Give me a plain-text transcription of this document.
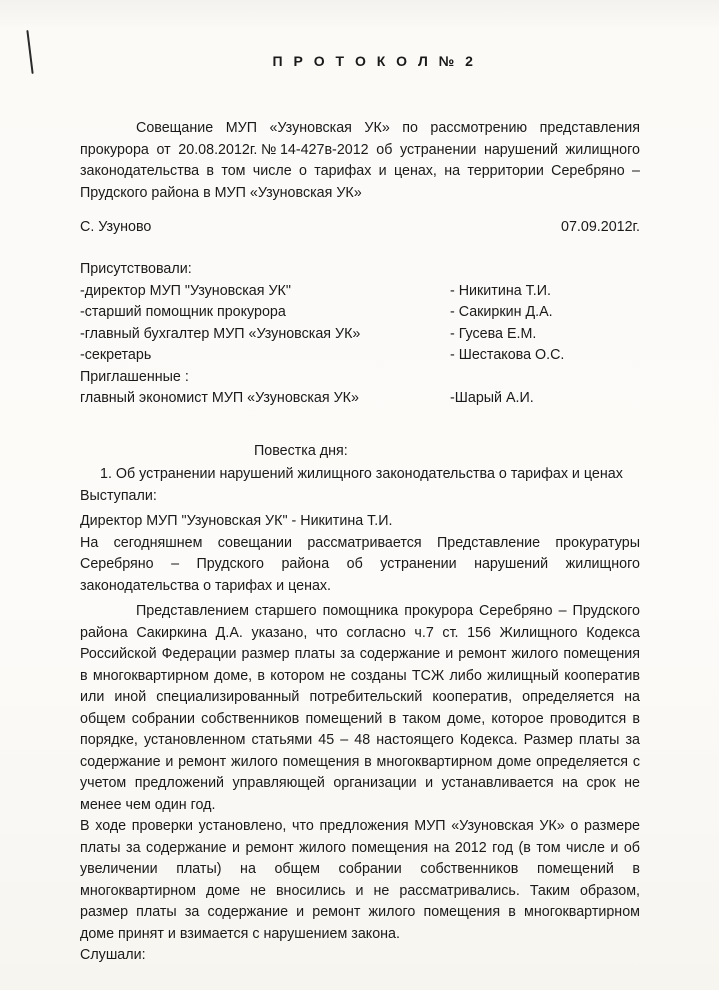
П Р О Т О К О Л № 2
Совещание МУП «Узуновская УК» по рассмотрению представления прокурора от 20.08.2012г.№14-427в-2012 об устранении нарушений жилищного законодательства в том числе о тарифах и ценах, на территории Серебряно – Прудского района в МУП «Узуновская УК»
С. Узуново	07.09.2012г.
Присутствовали:
-директор МУП "Узуновская УК"	- Никитина Т.И.
-старший помощник прокурора	- Сакиркин Д.А.
-главный бухгалтер МУП «Узуновская УК»	- Гусева Е.М.
-секретарь	- Шестакова О.С.
Приглашенные :
главный экономист МУП «Узуновская УК»	-Шарый А.И.
Повестка дня:
1. Об устранении нарушений жилищного законодательства о тарифах и ценах
Выступали:
Директор МУП "Узуновская УК" - Никитина Т.И.
На сегодняшнем совещании рассматривается Представление прокуратуры Серебряно – Прудского района об устранении нарушений жилищного законодательства о тарифах и ценах.
Представлением старшего помощника прокурора Серебряно – Прудского района Сакиркина Д.А. указано, что согласно ч.7 ст. 156 Жилищного Кодекса Российской Федерации размер платы за содержание и ремонт жилого помещения в многоквартирном доме, в котором не созданы ТСЖ либо жилищный кооператив или иной специализированный потребительский кооператив, определяется на общем собрании собственников помещений в таком доме, которое проводится в порядке, установленном статьями 45 – 48 настоящего Кодекса. Размер платы за содержание и ремонт жилого помещения в многоквартирном доме определяется с учетом предложений управляющей организации и устанавливается на срок не менее чем один год.
В ходе проверки установлено, что предложения МУП «Узуновская УК» о размере платы за содержание и ремонт жилого помещения на 2012 год (в том числе и об увеличении платы) на общем собрании собственников помещений в многоквартирном доме не вносились и не рассматривались. Таким образом, размер платы за содержание и ремонт жилого помещения в многоквартирном доме принят и взимается с нарушением закона.
Слушали:
